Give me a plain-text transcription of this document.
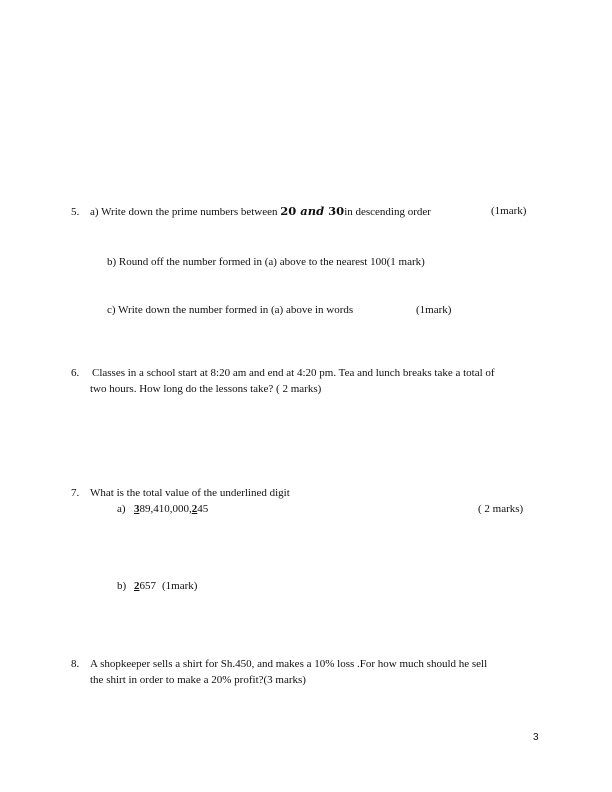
5. a) Write down the prime numbers between 20 and 30in descending order	(1mark)
b) Round off the number formed in (a) above to the nearest 100(1 mark)
c) Write down the number formed in (a) above in words	(1mark)
6. Classes in a school start at 8:20 am and end at 4:20 pm. Tea and lunch breaks take a total of
two hours. How long do the lessons take? ( 2 marks)
7. What is the total value of the underlined digit
a) 389,410,000,245	( 2 marks)
b) 2657 (1mark)
8. A shopkeeper sells a shirt for Sh.450, and makes a 10% loss .For how much should he sell
the shirt in order to make a 20% profit?(3 marks)
3
